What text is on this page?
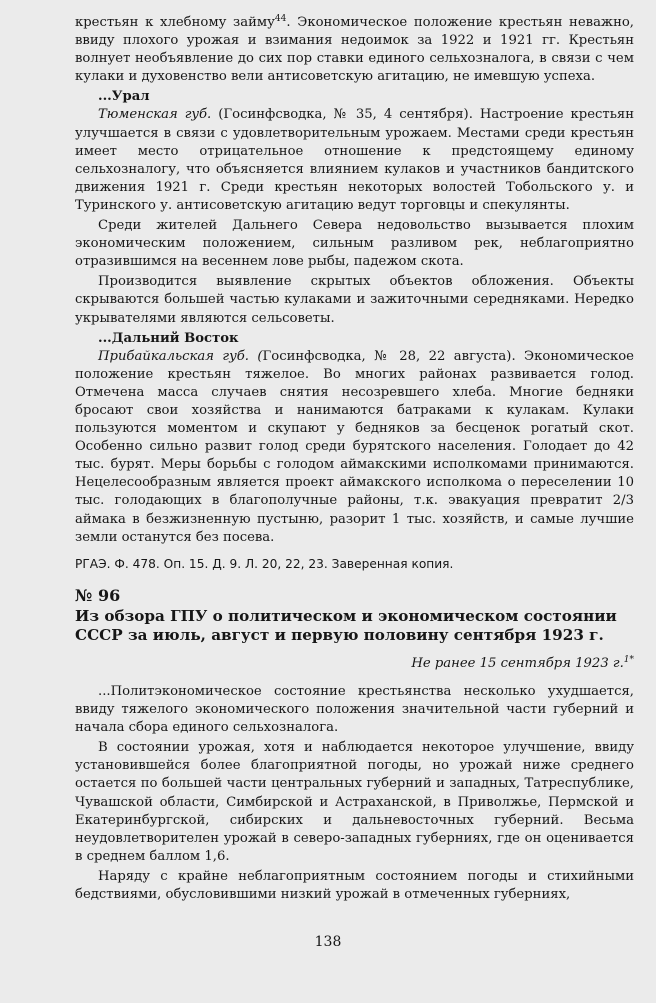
крестьян к хлебному займу$^{44}$. Экономическое положение крестьян неважно, ввиду плохого урожая и взимания недоимок за 1922 и 1921 гг. Крестьян волнует необъявление до сих пор ставки единого сельхозналога, в связи с чем кулаки и духовенство вели антисоветскую агитацию, не имевшую успеха.

...Урал

Тюменская губ. (Госинфсводка, № 35, 4 сентября). Настроение крестьян улучшается в связи с удовлетворительным урожаем. Местами среди крестьян имеет место отрицательное отношение к предстоящему единому сельхозналогу, что объясняется влиянием кулаков и участников бандитского движения 1921 г. Среди крестьян некоторых волостей Тобольского у. и Туринского у. антисоветскую агитацию ведут торговцы и спекулянты.

Среди жителей Дальнего Севера недовольство вызывается плохим экономическим положением, сильным разливом рек, неблагоприятно отразившимся на весеннем лове рыбы, падежом скота.

Производится выявление скрытых объектов обложения. Объекты скрываются большей частью кулаками и зажиточными середняками. Нередко укрывателями являются сельсоветы.

...Дальний Восток

Прибайкальская губ. (Госинфсводка, № 28, 22 августа). Экономическое положение крестьян тяжелое. Во многих районах развивается голод. Отмечена масса случаев снятия несозревшего хлеба. Многие бедняки бросают свои хозяйства и нанимаются батраками к кулакам. Кулаки пользуются моментом и скупают у бедняков за бесценок рогатый скот. Особенно сильно развит голод среди бурятского населения. Голодает до 42 тыс. бурят. Меры борьбы с голодом аймакскими исполкомами принимаются. Нецелесообразным является проект аймакского исполкома о переселении 10 тыс. голодающих в благополучные районы, т.к. эвакуация превратит 2/3 аймака в безжизненную пустыню, разорит 1 тыс. хозяйств, и самые лучшие земли останутся без посева.

РГАЭ. Ф. 478. Оп. 15. Д. 9. Л. 20, 22, 23. Заверенная копия.
№ 96
Из обзора ГПУ о политическом и экономическом состоянии СССР за июль, август и первую половину сентября 1923 г.
Не ранее 15 сентября 1923 г.$^{1*}$

...Политэкономическое состояние крестьянства несколько ухудшается, ввиду тяжелого экономического положения значительной части губерний и начала сбора единого сельхозналога.

В состоянии урожая, хотя и наблюдается некоторое улучшение, ввиду установившейся более благоприятной погоды, но урожай ниже среднего остается по большей части центральных губерний и западных, Татреспублике, Чувашской области, Симбирской и Астраханской, в Приволжье, Пермской и Екатеринбургской, сибирских и дальневосточных губерний. Весьма неудовлетворителен урожай в северо-западных губерниях, где он оценивается в среднем баллом 1,6.

Наряду с крайне неблагоприятным состоянием погоды и стихийными бедствиями, обусловившими низкий урожай в отмеченных губерниях,

138
